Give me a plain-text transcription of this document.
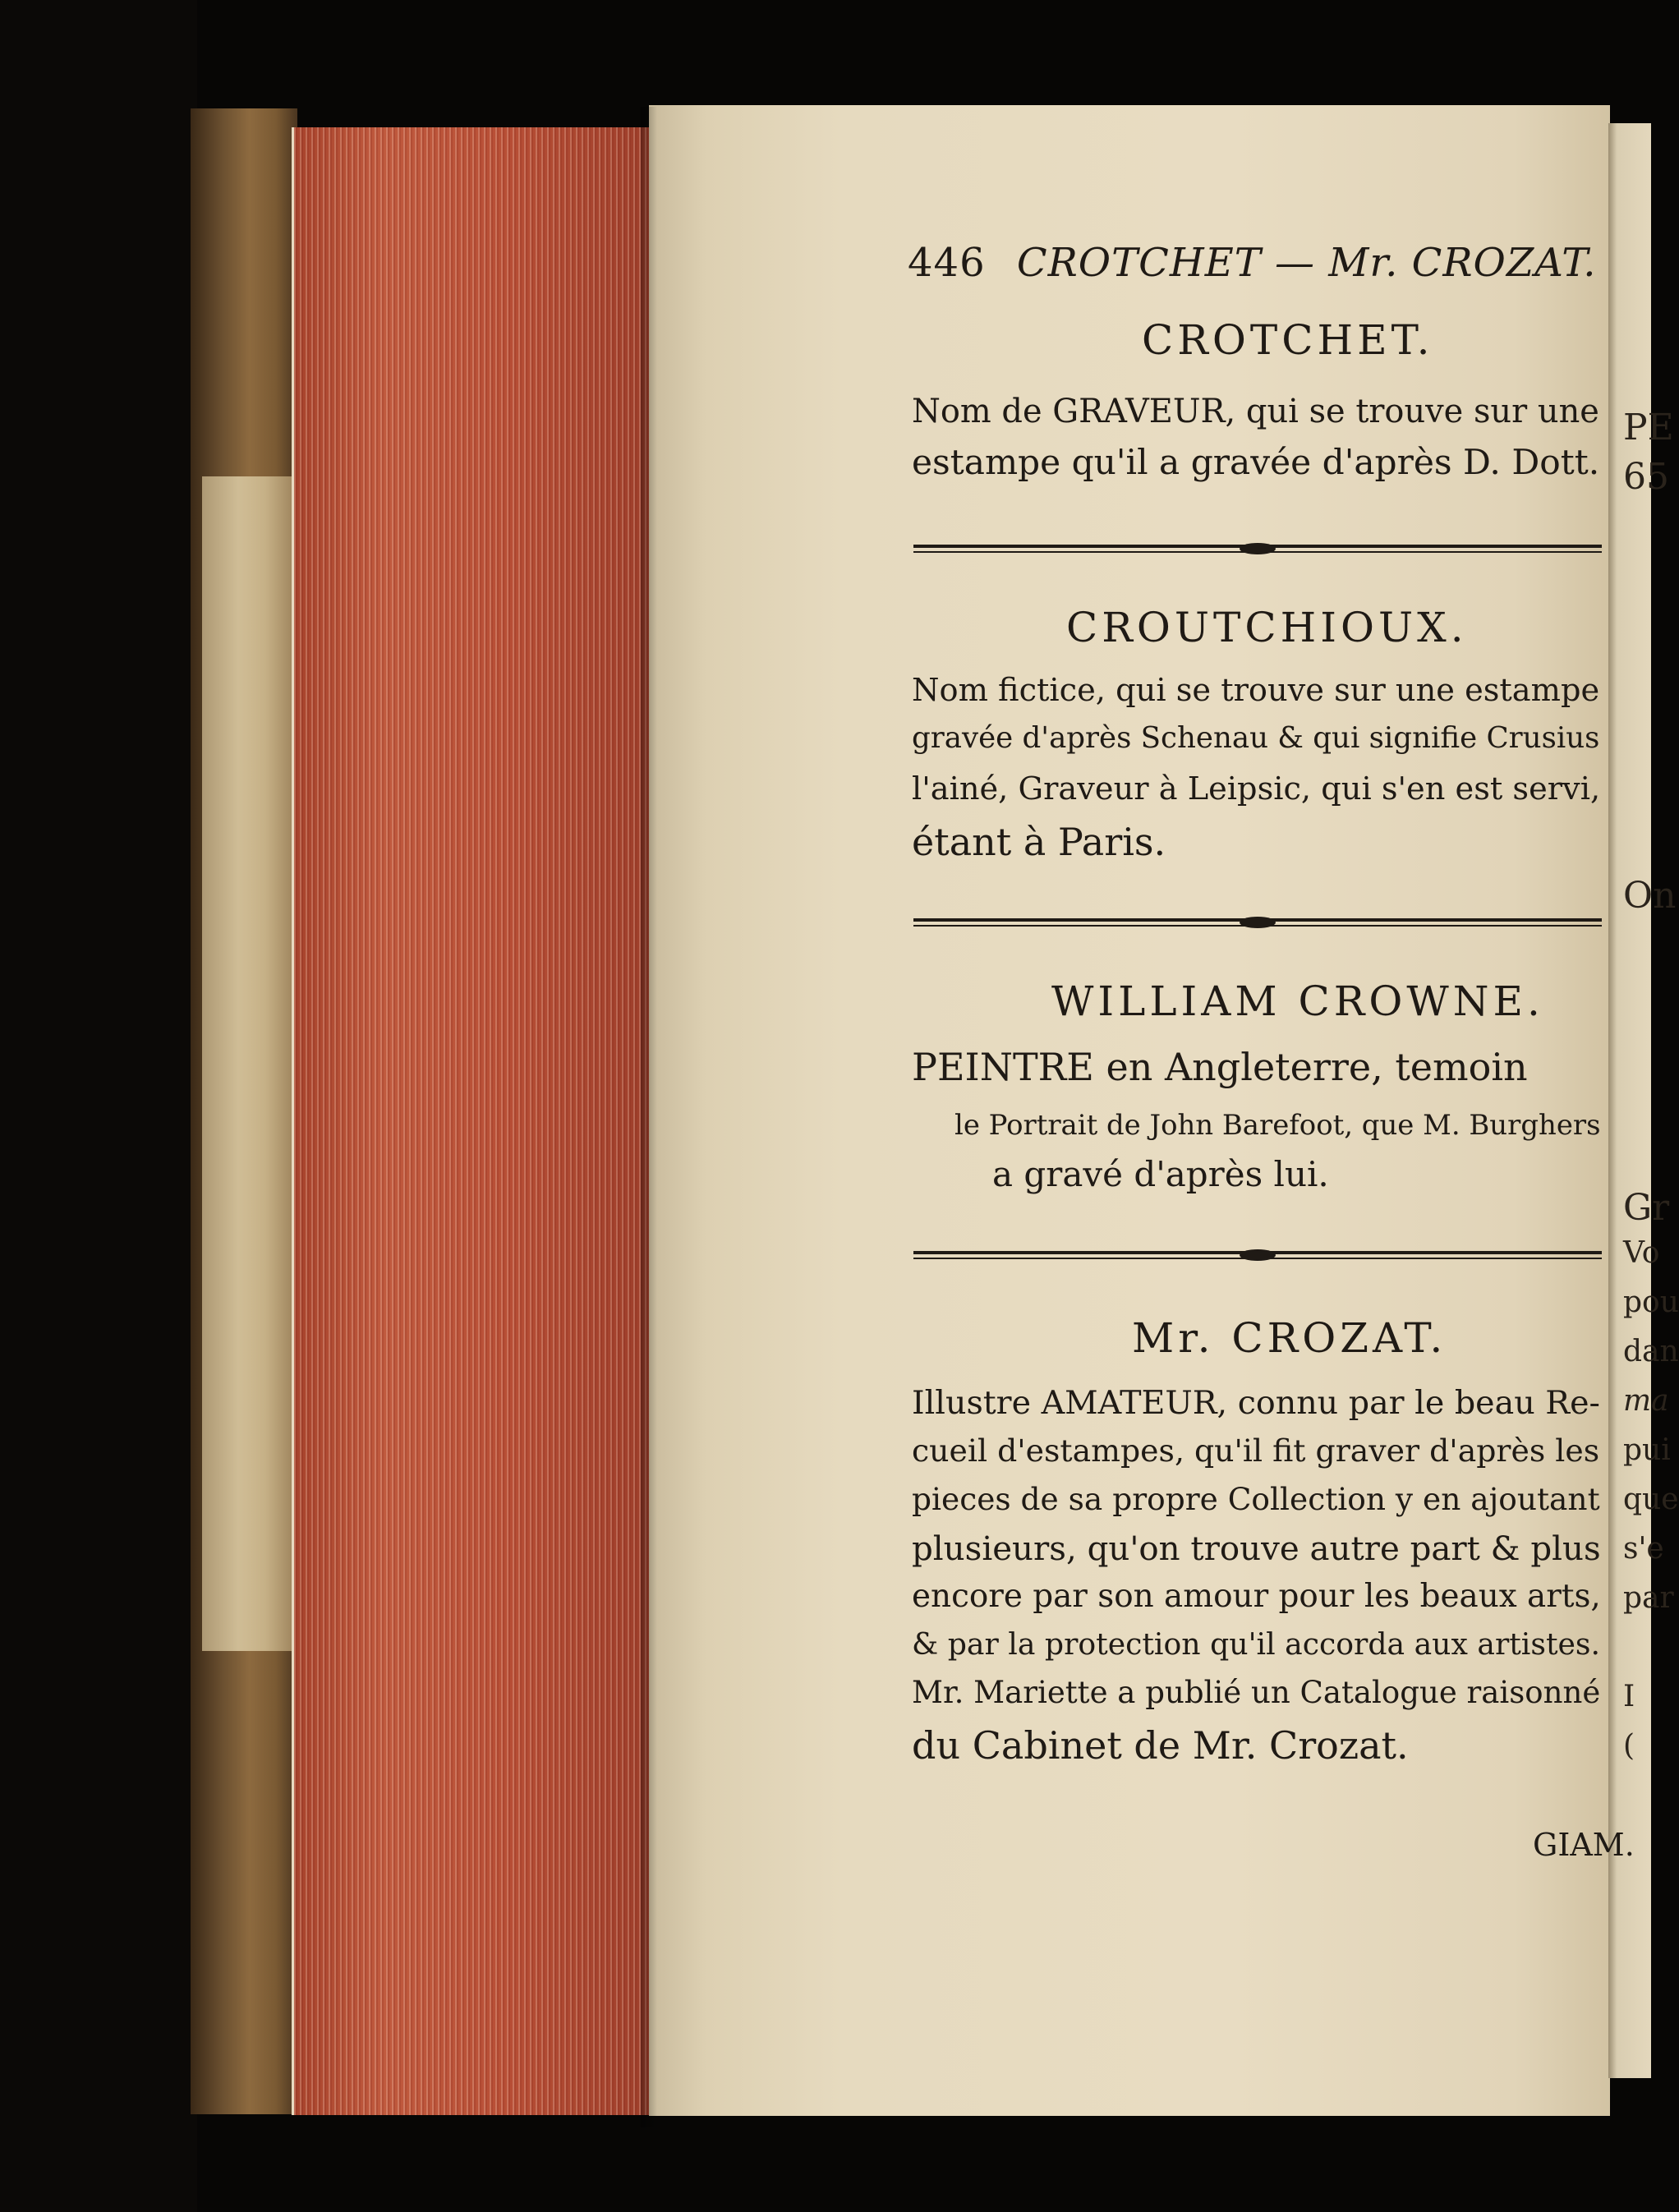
PE
65
On
Gr
Vo
pou
dan
ma
pui
que
s'e
par
I
(
446 CROTCHET — Mr. CROZAT.
CROTCHET.
Nom de GRAVEUR, qui se trouve sur une
estampe qu'il a gravée d'après D. Dott.
CROUTCHIOUX.
Nom fictice, qui se trouve sur une estampe
gravée d'après Schenau & qui signifie Crusius
l'ainé, Graveur à Leipsic, qui s'en est servi,
étant à Paris.
WILLIAM CROWNE.
PEINTRE en Angleterre, temoin
le Portrait de John Barefoot, que M. Burghers
a gravé d'après lui.
Mr. CROZAT.
Illustre AMATEUR, connu par le beau Re-
cueil d'estampes, qu'il fit graver d'après les
pieces de sa propre Collection y en ajoutant
plusieurs, qu'on trouve autre part & plus
encore par son amour pour les beaux arts,
& par la protection qu'il accorda aux artistes.
Mr. Mariette a publié un Catalogue raisonné
du Cabinet de Mr. Crozat.
GIAM.
